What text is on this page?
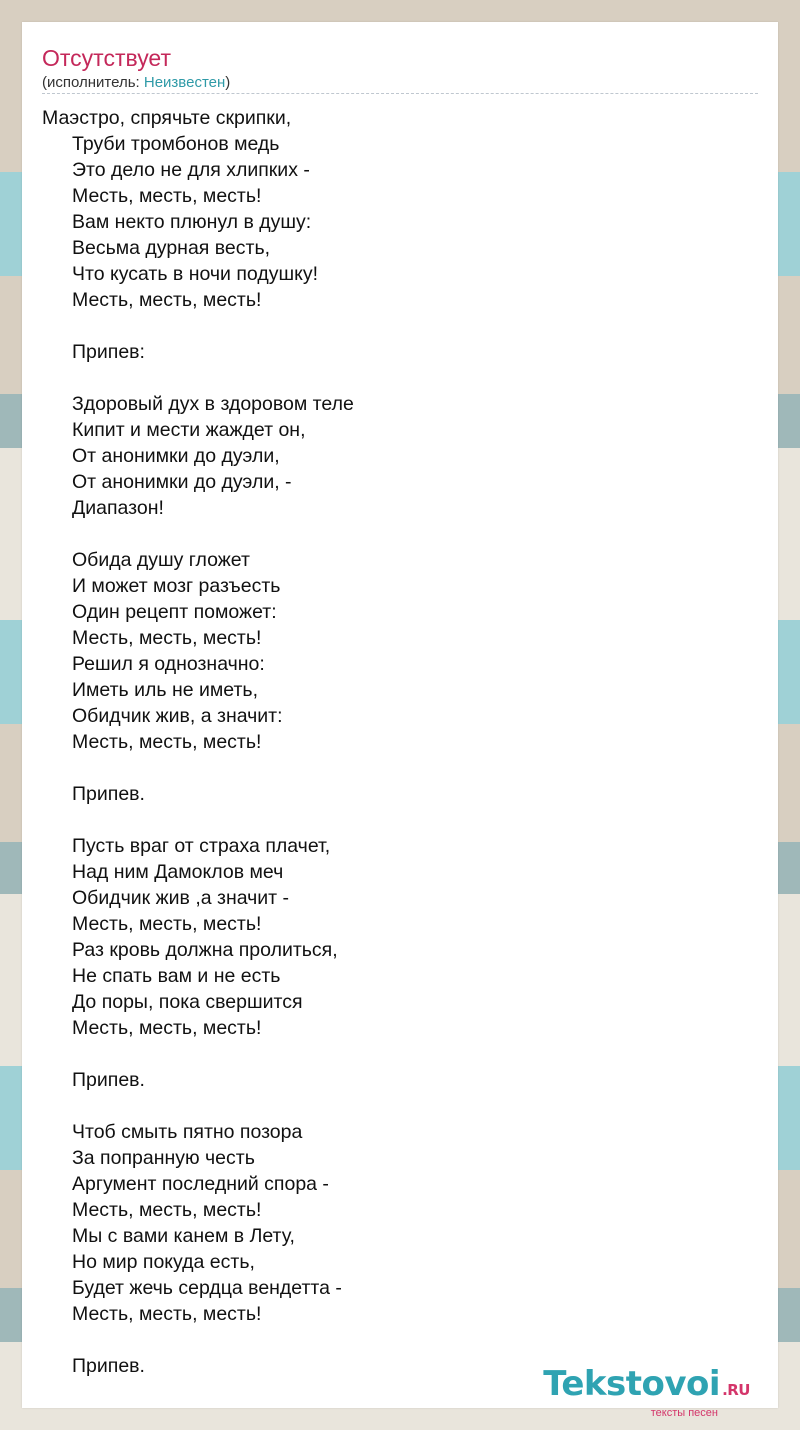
Отсутствует
(исполнитель: Неизвестен)
Маэстро, спрячьте скрипки,
Труби тромбонов медь
Это дело не для хлипких -
Месть, месть, месть!
Вам некто плюнул в душу:
Весьма дурная весть,
Что кусать в ночи подушку!
Месть, месть, месть!
Припев:
Здоровый дух в здоровом теле
Кипит и мести жаждет он,
От анонимки до дуэли,
От анонимки до дуэли, -
Диапазон!
Обида душу гложет
И может мозг разъесть
Один рецепт поможет:
Месть, месть, месть!
Решил я однозначно:
Иметь иль не иметь,
Обидчик жив, а значит:
Месть, месть, месть!
Припев.
Пусть враг от страха плачет,
Над ним Дамоклов меч
Обидчик жив ,а значит -
Месть, месть, месть!
Раз кровь должна пролиться,
Не спать вам и не есть
До поры, пока свершится
Месть, месть, месть!
Припев.
Чтоб смыть пятно позора
За попранную честь
Аргумент последний спора -
Месть, месть, месть!
Мы с вами канем в Лету,
Но мир покуда есть,
Будет жечь сердца вендетта -
Месть, месть, месть!
Припев.	Tekstovoi .RU
тексты песен
